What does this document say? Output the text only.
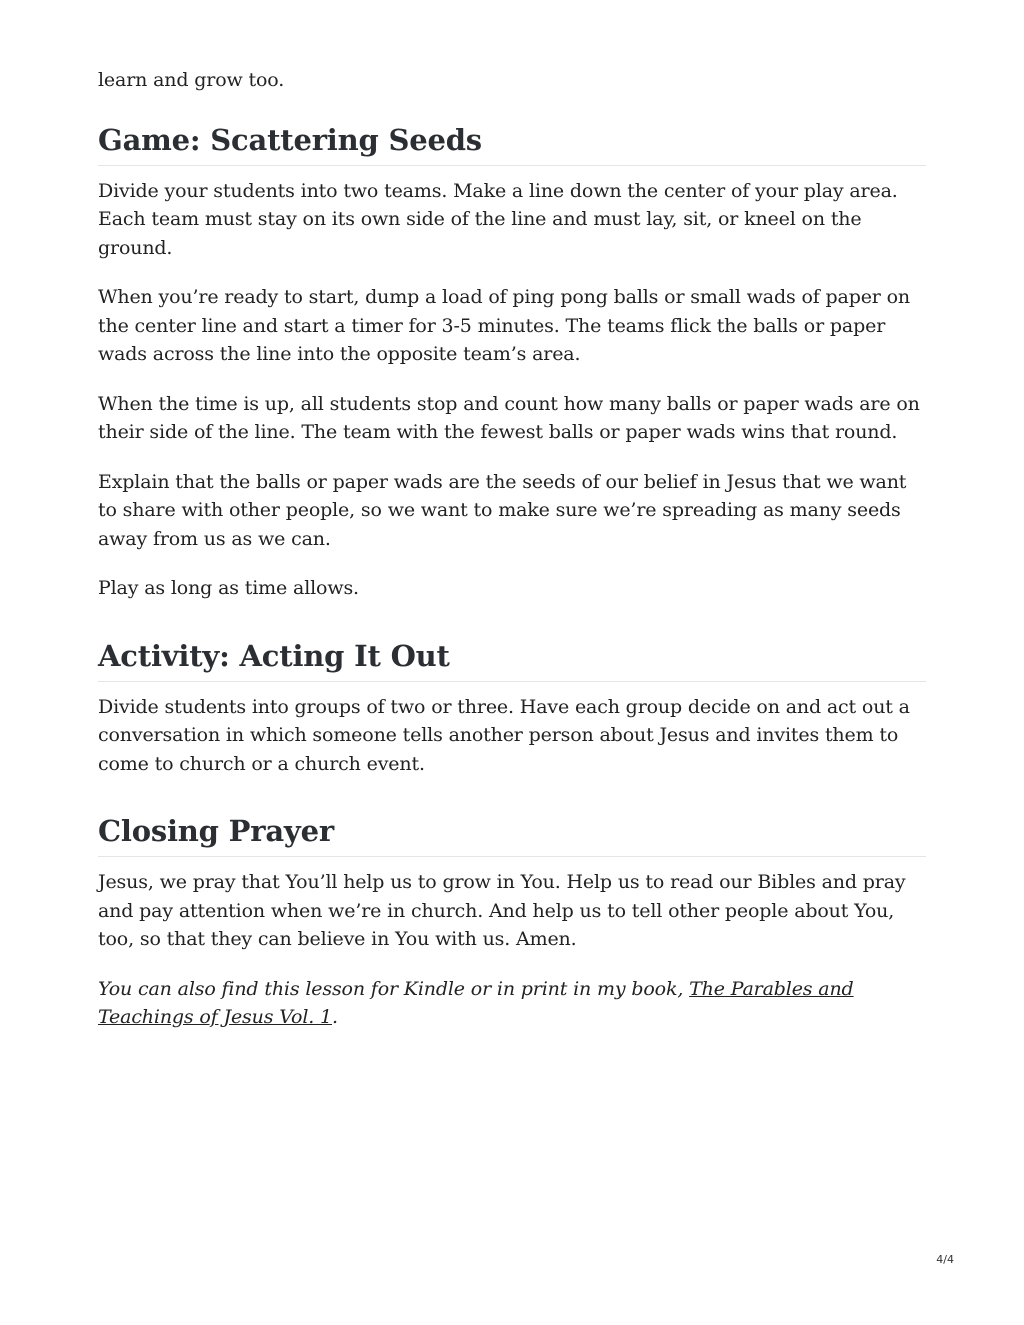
learn and grow too.

Game: Scattering Seeds

Divide your students into two teams. Make a line down the center of your play area. Each team must stay on its own side of the line and must lay, sit, or kneel on the ground.

When you’re ready to start, dump a load of ping pong balls or small wads of paper on the center line and start a timer for 3-5 minutes. The teams flick the balls or paper wads across the line into the opposite team’s area.

When the time is up, all students stop and count how many balls or paper wads are on their side of the line. The team with the fewest balls or paper wads wins that round.

Explain that the balls or paper wads are the seeds of our belief in Jesus that we want to share with other people, so we want to make sure we’re spreading as many seeds away from us as we can.

Play as long as time allows.

Activity: Acting It Out

Divide students into groups of two or three. Have each group decide on and act out a conversation in which someone tells another person about Jesus and invites them to come to church or a church event.

Closing Prayer

Jesus, we pray that You’ll help us to grow in You. Help us to read our Bibles and pray and pay attention when we’re in church. And help us to tell other people about You, too, so that they can believe in You with us. Amen.

You can also find this lesson for Kindle or in print in my book, The Parables and Teachings of Jesus Vol. 1.

4/4
